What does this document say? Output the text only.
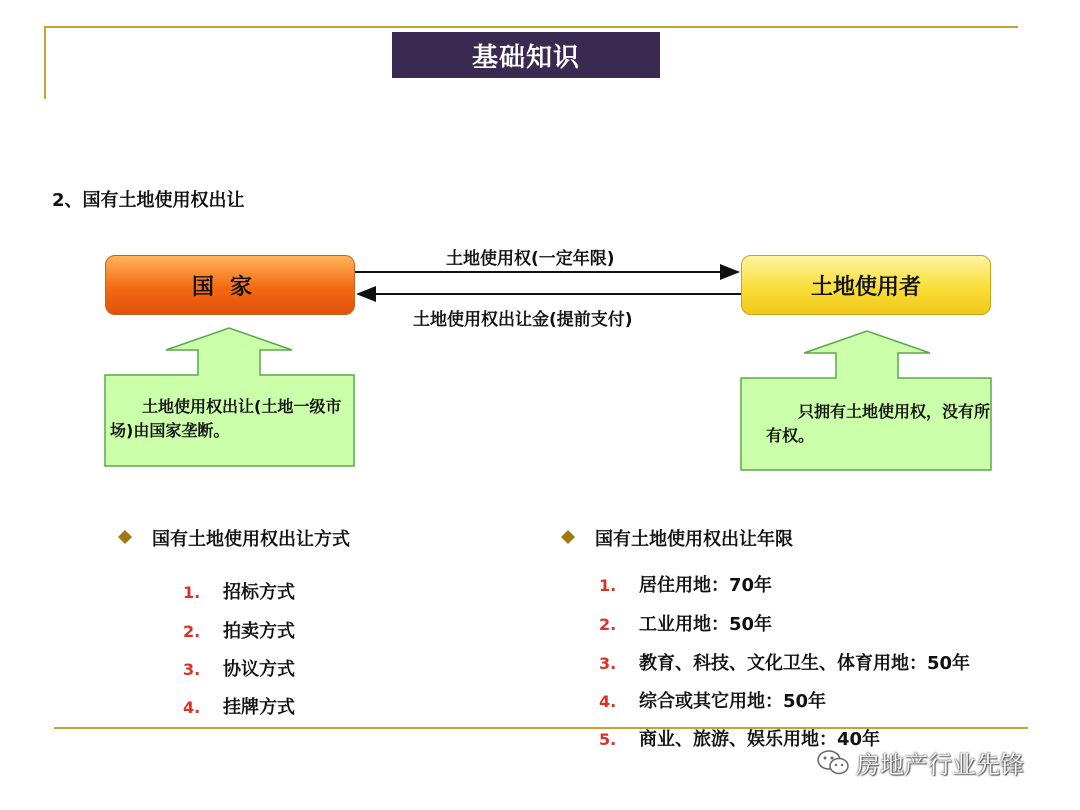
基础知识
2、国有土地使用权出让
国家	土地使用者
土地使用权(一定年限)
土地使用权出让金(提前支付)
土地使用权出让(土地一级市场)由国家垄断。
只拥有土地使用权，没有所有权。
国有土地使用权出让方式
1. 招标方式
2. 拍卖方式
3. 协议方式
4. 挂牌方式
国有土地使用权出让年限
1. 居住用地：70年
2. 工业用地：50年
3. 教育、科技、文化卫生、体育用地：50年
4. 综合或其它用地：50年
5. 商业、旅游、娱乐用地：40年
房地产行业先锋
